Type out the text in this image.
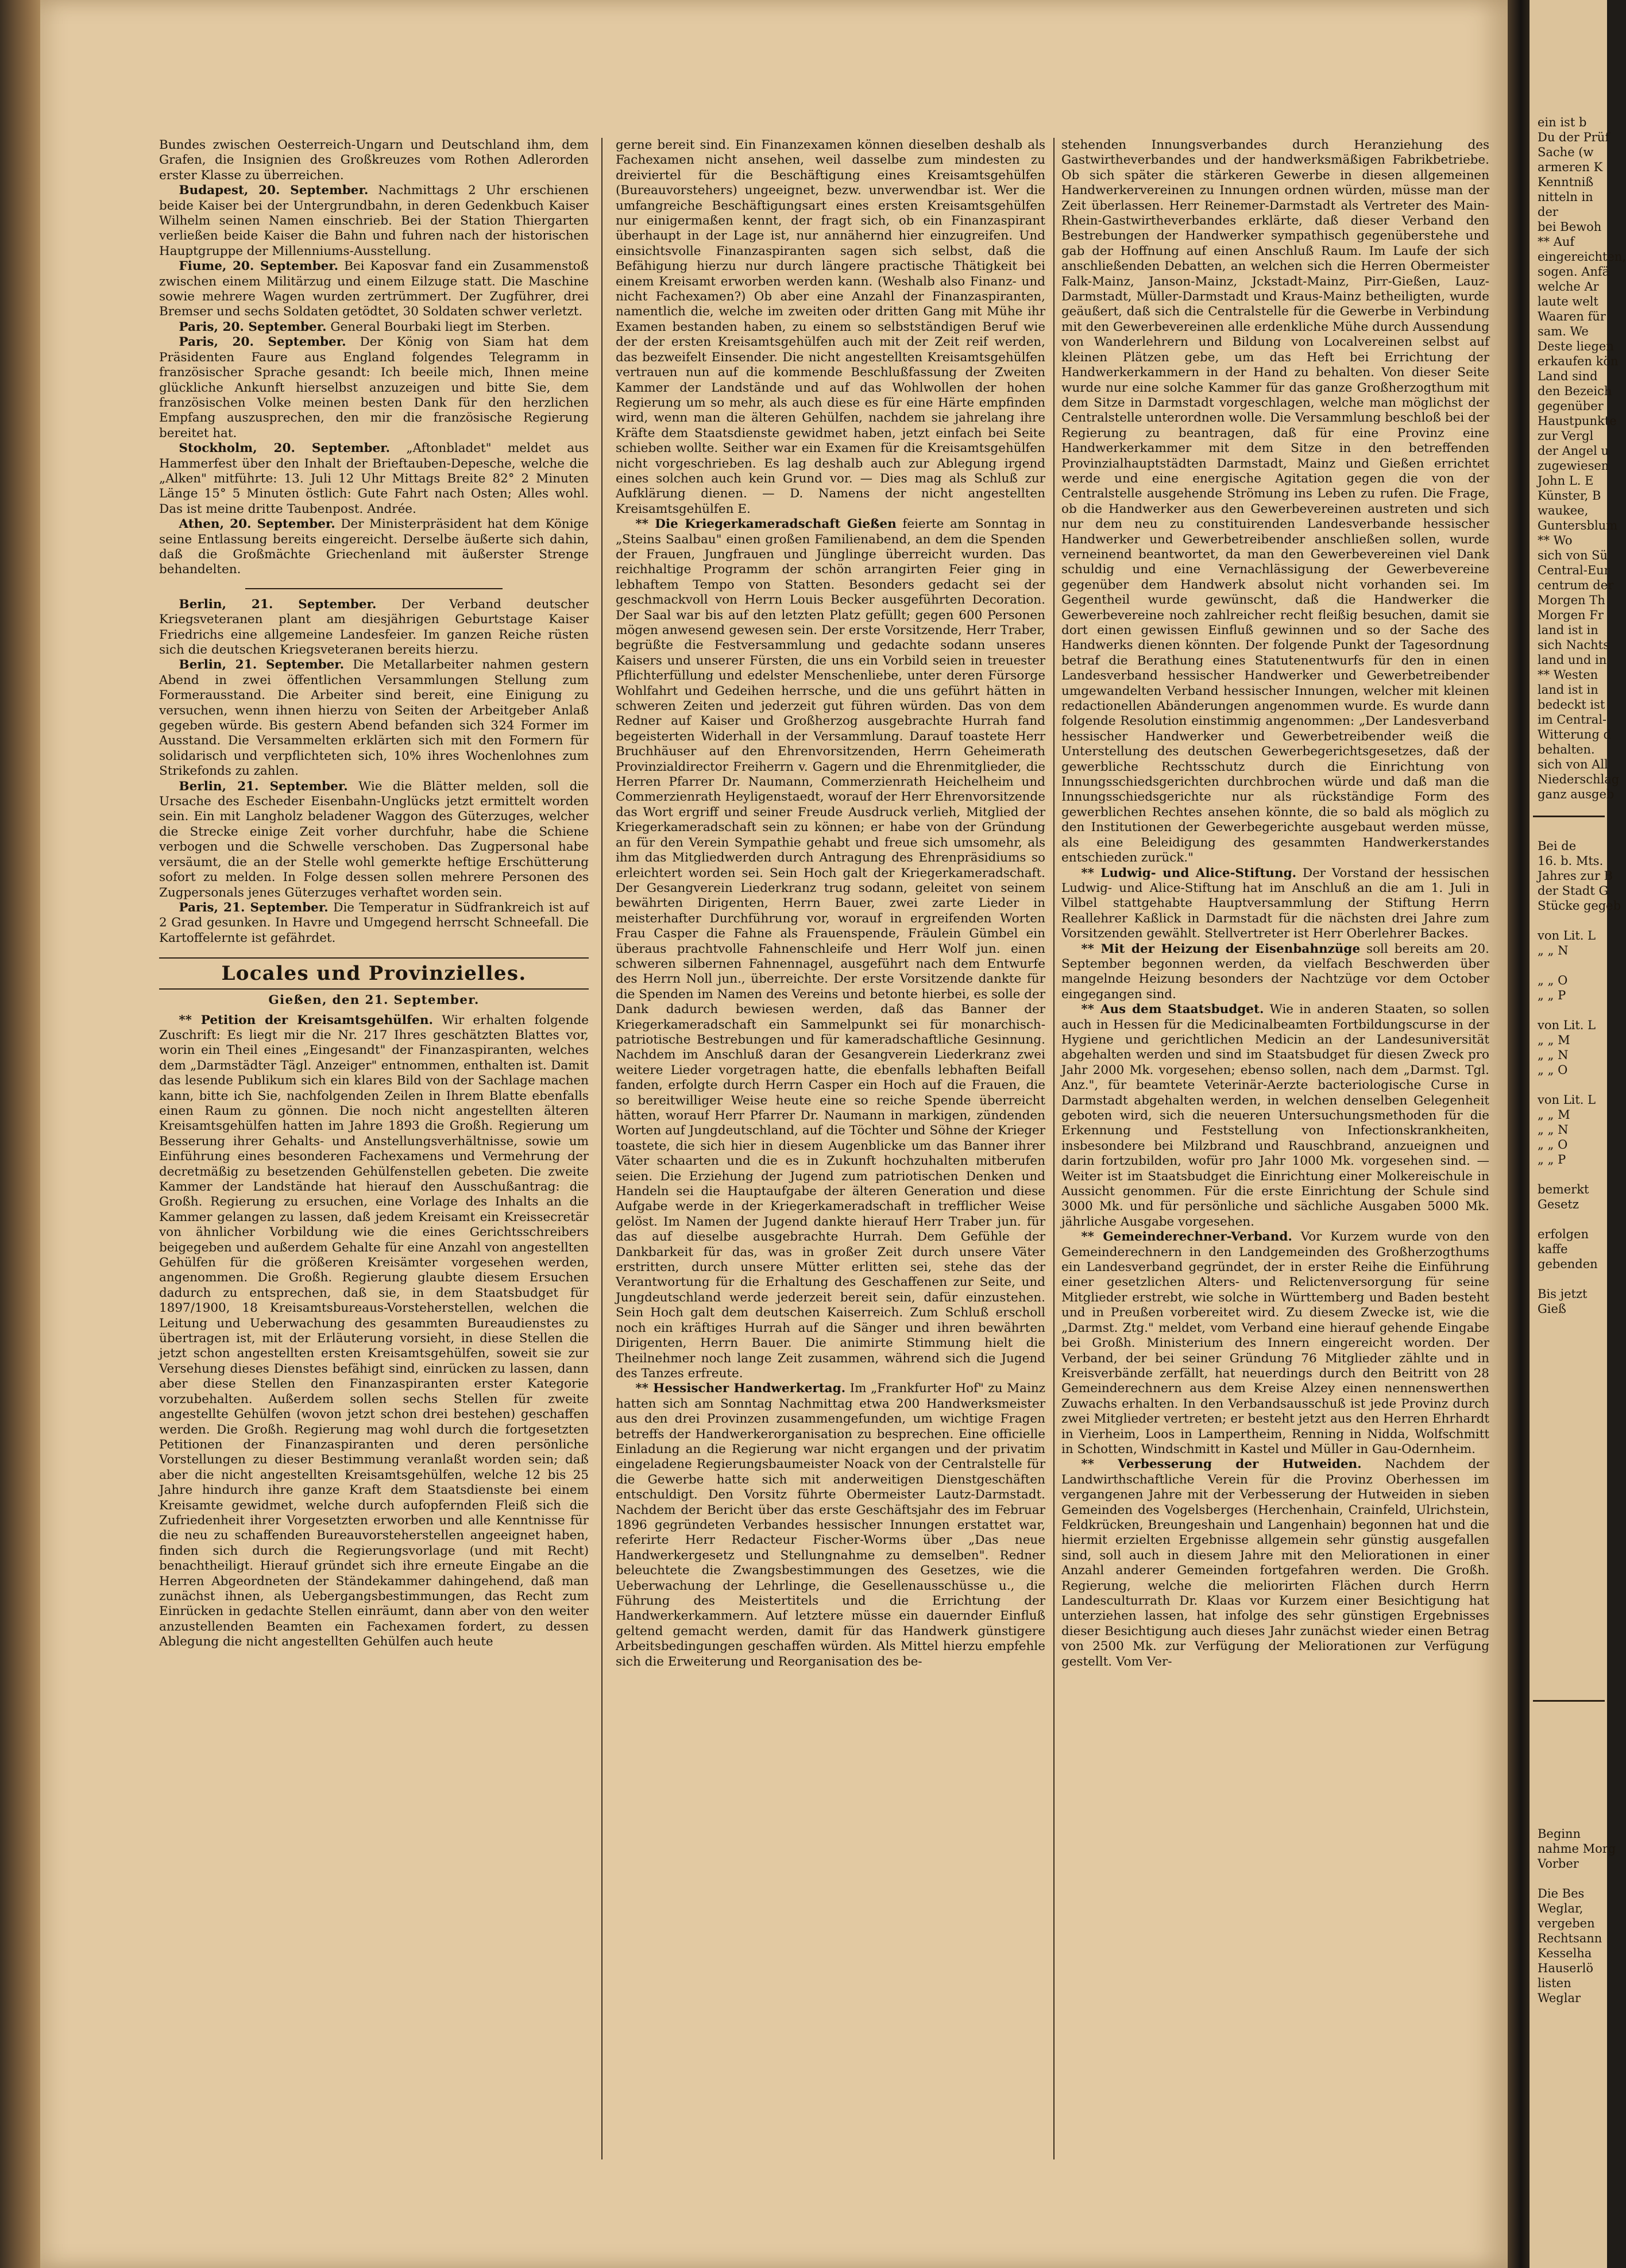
Bundes zwischen Oesterreich-Ungarn und Deutschland ihm, dem Grafen, die Insignien des Großkreuzes vom Rothen Adlerorden erster Klasse zu überreichen.

Budapest, 20. September. Nachmittags 2 Uhr erschienen beide Kaiser bei der Untergrundbahn, in deren Gedenkbuch Kaiser Wilhelm seinen Namen einschrieb. Bei der Station Thiergarten verließen beide Kaiser die Bahn und fuhren nach der historischen Hauptgruppe der Millenniums-Ausstellung.

Fiume, 20. September. Bei Kaposvar fand ein Zusammenstoß zwischen einem Militärzug und einem Eilzuge statt. Die Maschine sowie mehrere Wagen wurden zertrümmert. Der Zugführer, drei Bremser und sechs Soldaten getödtet, 30 Soldaten schwer verletzt.

Paris, 20. September. General Bourbaki liegt im Sterben.

Paris, 20. September. Der König von Siam hat dem Präsidenten Faure aus England folgendes Telegramm in französischer Sprache gesandt: Ich beeile mich, Ihnen meine glückliche Ankunft hierselbst anzuzeigen und bitte Sie, dem französischen Volke meinen besten Dank für den herzlichen Empfang auszusprechen, den mir die französische Regierung bereitet hat.

Stockholm, 20. September. „Aftonbladet" meldet aus Hammerfest über den Inhalt der Brieftauben-Depesche, welche die „Alken" mitführte: 13. Juli 12 Uhr Mittags Breite 82° 2 Minuten Länge 15° 5 Minuten östlich: Gute Fahrt nach Osten; Alles wohl. Das ist meine dritte Taubenpost. Andrée.

Athen, 20. September. Der Ministerpräsident hat dem Könige seine Entlassung bereits eingereicht. Derselbe äußerte sich dahin, daß die Großmächte Griechenland mit äußerster Strenge behandelten.

Berlin, 21. September. Der Verband deutscher Kriegsveteranen plant am diesjährigen Geburtstage Kaiser Friedrichs eine allgemeine Landesfeier. Im ganzen Reiche rüsten sich die deutschen Kriegsveteranen bereits hierzu.

Berlin, 21. September. Die Metallarbeiter nahmen gestern Abend in zwei öffentlichen Versammlungen Stellung zum Formerausstand. Die Arbeiter sind bereit, eine Einigung zu versuchen, wenn ihnen hierzu von Seiten der Arbeitgeber Anlaß gegeben würde. Bis gestern Abend befanden sich 324 Former im Ausstand. Die Versammelten erklärten sich mit den Formern für solidarisch und verpflichteten sich, 10% ihres Wochenlohnes zum Strikefonds zu zahlen.

Berlin, 21. September. Wie die Blätter melden, soll die Ursache des Escheder Eisenbahn-Unglücks jetzt ermittelt worden sein. Ein mit Langholz beladener Waggon des Güterzuges, welcher die Strecke einige Zeit vorher durchfuhr, habe die Schiene verbogen und die Schwelle verschoben. Das Zugpersonal habe versäumt, die an der Stelle wohl gemerkte heftige Erschütterung sofort zu melden. In Folge dessen sollen mehrere Personen des Zugpersonals jenes Güterzuges verhaftet worden sein.

Paris, 21. September. Die Temperatur in Südfrankreich ist auf 2 Grad gesunken. In Havre und Umgegend herrscht Schneefall. Die Kartoffelernte ist gefährdet.

Locales und Provinzielles.
Gießen, den 21. September.

** Petition der Kreisamtsgehülfen. Wir erhalten folgende Zuschrift: Es liegt mir die Nr. 217 Ihres geschätzten Blattes vor, worin ein Theil eines „Eingesandt" der Finanzaspiranten, welches dem „Darmstädter Tägl. Anzeiger" entnommen, enthalten ist. Damit das lesende Publikum sich ein klares Bild von der Sachlage machen kann, bitte ich Sie, nachfolgenden Zeilen in Ihrem Blatte ebenfalls einen Raum zu gönnen. Die noch nicht angestellten älteren Kreisamtsgehülfen hatten im Jahre 1893 die Großh. Regierung um Besserung ihrer Gehalts- und Anstellungsverhältnisse, sowie um Einführung eines besonderen Fachexamens und Vermehrung der decretmäßig zu besetzenden Gehülfenstellen gebeten. Die zweite Kammer der Landstände hat hierauf den Ausschußantrag: die Großh. Regierung zu ersuchen, eine Vorlage des Inhalts an die Kammer gelangen zu lassen, daß jedem Kreisamt ein Kreissecretär von ähnlicher Vorbildung wie die eines Gerichtsschreibers beigegeben und außerdem Gehalte für eine Anzahl von angestellten Gehülfen für die größeren Kreisämter vorgesehen werden, angenommen. Die Großh. Regierung glaubte diesem Ersuchen dadurch zu entsprechen, daß sie, in dem Staatsbudget für 1897/1900, 18 Kreisamtsbureaus-Vorsteherstellen, welchen die Leitung und Ueberwachung des gesammten Bureaudienstes zu übertragen ist, mit der Erläuterung vorsieht, in diese Stellen die jetzt schon angestellten ersten Kreisamtsgehülfen, soweit sie zur Versehung dieses Dienstes befähigt sind, einrücken zu lassen, dann aber diese Stellen den Finanzaspiranten erster Kategorie vorzubehalten. Außerdem sollen sechs Stellen für zweite angestellte Gehülfen (wovon jetzt schon drei bestehen) geschaffen werden. Die Großh. Regierung mag wohl durch die fortgesetzten Petitionen der Finanzaspiranten und deren persönliche Vorstellungen zu dieser Bestimmung veranlaßt worden sein; daß aber die nicht angestellten Kreisamtsgehülfen, welche 12 bis 25 Jahre hindurch ihre ganze Kraft dem Staatsdienste bei einem Kreisamte gewidmet, welche durch aufopfernden Fleiß sich die Zufriedenheit ihrer Vorgesetzten erworben und alle Kenntnisse für die neu zu schaffenden Bureauvorsteherstellen angeeignet haben, finden sich durch die Regierungsvorlage (und mit Recht) benachtheiligt. Hierauf gründet sich ihre erneute Eingabe an die Herren Abgeordneten der Ständekammer dahingehend, daß man zunächst ihnen, als Uebergangsbestimmungen, das Recht zum Einrücken in gedachte Stellen einräumt, dann aber von den weiter anzustellenden Beamten ein Fachexamen fordert, zu dessen Ablegung die nicht angestellten Gehülfen auch heute

gerne bereit sind. Ein Finanzexamen können dieselben deshalb als Fachexamen nicht ansehen, weil dasselbe zum mindesten zu dreiviertel für die Beschäftigung eines Kreisamtsgehülfen (Bureauvorstehers) ungeeignet, bezw. unverwendbar ist. Wer die umfangreiche Beschäftigungsart eines ersten Kreisamtsgehülfen nur einigermaßen kennt, der fragt sich, ob ein Finanzaspirant überhaupt in der Lage ist, nur annähernd hier einzugreifen. Und einsichtsvolle Finanzaspiranten sagen sich selbst, daß die Befähigung hierzu nur durch längere practische Thätigkeit bei einem Kreisamt erworben werden kann. (Weshalb also Finanz- und nicht Fachexamen?) Ob aber eine Anzahl der Finanzaspiranten, namentlich die, welche im zweiten oder dritten Gang mit Mühe ihr Examen bestanden haben, zu einem so selbstständigen Beruf wie der der ersten Kreisamtsgehülfen auch mit der Zeit reif werden, das bezweifelt Einsender. Die nicht angestellten Kreisamtsgehülfen vertrauen nun auf die kommende Beschlußfassung der Zweiten Kammer der Landstände und auf das Wohlwollen der hohen Regierung um so mehr, als auch diese es für eine Härte empfinden wird, wenn man die älteren Gehülfen, nachdem sie jahrelang ihre Kräfte dem Staatsdienste gewidmet haben, jetzt einfach bei Seite schieben wollte. Seither war ein Examen für die Kreisamtsgehülfen nicht vorgeschrieben. Es lag deshalb auch zur Ablegung irgend eines solchen auch kein Grund vor. — Dies mag als Schluß zur Aufklärung dienen. — D. Namens der nicht angestellten Kreisamtsgehülfen E.

** Die Kriegerkameradschaft Gießen feierte am Sonntag in „Steins Saalbau" einen großen Familienabend, an dem die Spenden der Frauen, Jungfrauen und Jünglinge überreicht wurden. Das reichhaltige Programm der schön arrangirten Feier ging in lebhaftem Tempo von Statten. Besonders gedacht sei der geschmackvoll von Herrn Louis Becker ausgeführten Decoration. Der Saal war bis auf den letzten Platz gefüllt; gegen 600 Personen mögen anwesend gewesen sein. Der erste Vorsitzende, Herr Traber, begrüßte die Festversammlung und gedachte sodann unseres Kaisers und unserer Fürsten, die uns ein Vorbild seien in treuester Pflichterfüllung und edelster Menschenliebe, unter deren Fürsorge Wohlfahrt und Gedeihen herrsche, und die uns geführt hätten in schweren Zeiten und jederzeit gut führen würden. Das von dem Redner auf Kaiser und Großherzog ausgebrachte Hurrah fand begeisterten Widerhall in der Versammlung. Darauf toastete Herr Bruchhäuser auf den Ehrenvorsitzenden, Herrn Geheimerath Provinzialdirector Freiherrn v. Gagern und die Ehrenmitglieder, die Herren Pfarrer Dr. Naumann, Commerzienrath Heichelheim und Commerzienrath Heyligenstaedt, worauf der Herr Ehrenvorsitzende das Wort ergriff und seiner Freude Ausdruck verlieh, Mitglied der Kriegerkameradschaft sein zu können; er habe von der Gründung an für den Verein Sympathie gehabt und freue sich umsomehr, als ihm das Mitgliedwerden durch Antragung des Ehrenpräsidiums so erleichtert worden sei. Sein Hoch galt der Kriegerkameradschaft. Der Gesangverein Liederkranz trug sodann, geleitet von seinem bewährten Dirigenten, Herrn Bauer, zwei zarte Lieder in meisterhafter Durchführung vor, worauf in ergreifenden Worten Frau Casper die Fahne als Frauenspende, Fräulein Gümbel ein überaus prachtvolle Fahnenschleife und Herr Wolf jun. einen schweren silbernen Fahnennagel, ausgeführt nach dem Entwurfe des Herrn Noll jun., überreichte. Der erste Vorsitzende dankte für die Spenden im Namen des Vereins und betonte hierbei, es solle der Dank dadurch bewiesen werden, daß das Banner der Kriegerkameradschaft ein Sammelpunkt sei für monarchisch-patriotische Bestrebungen und für kameradschaftliche Gesinnung. Nachdem im Anschluß daran der Gesangverein Liederkranz zwei weitere Lieder vorgetragen hatte, die ebenfalls lebhaften Beifall fanden, erfolgte durch Herrn Casper ein Hoch auf die Frauen, die so bereitwilliger Weise heute eine so reiche Spende überreicht hätten, worauf Herr Pfarrer Dr. Naumann in markigen, zündenden Worten auf Jungdeutschland, auf die Töchter und Söhne der Krieger toastete, die sich hier in diesem Augenblicke um das Banner ihrer Väter schaarten und die es in Zukunft hochzuhalten mitberufen seien. Die Erziehung der Jugend zum patriotischen Denken und Handeln sei die Hauptaufgabe der älteren Generation und diese Aufgabe werde in der Kriegerkameradschaft in trefflicher Weise gelöst. Im Namen der Jugend dankte hierauf Herr Traber jun. für das auf dieselbe ausgebrachte Hurrah. Dem Gefühle der Dankbarkeit für das, was in großer Zeit durch unsere Väter erstritten, durch unsere Mütter erlitten sei, stehe das der Verantwortung für die Erhaltung des Geschaffenen zur Seite, und Jungdeutschland werde jederzeit bereit sein, dafür einzustehen. Sein Hoch galt dem deutschen Kaiserreich. Zum Schluß erscholl noch ein kräftiges Hurrah auf die Sänger und ihren bewährten Dirigenten, Herrn Bauer. Die animirte Stimmung hielt die Theilnehmer noch lange Zeit zusammen, während sich die Jugend des Tanzes erfreute.

** Hessischer Handwerkertag. Im „Frankfurter Hof" zu Mainz hatten sich am Sonntag Nachmittag etwa 200 Handwerksmeister aus den drei Provinzen zusammengefunden, um wichtige Fragen betreffs der Handwerkerorganisation zu besprechen. Eine officielle Einladung an die Regierung war nicht ergangen und der privatim eingeladene Regierungsbaumeister Noack von der Centralstelle für die Gewerbe hatte sich mit anderweitigen Dienstgeschäften entschuldigt. Den Vorsitz führte Obermeister Lautz-Darmstadt. Nachdem der Bericht über das erste Geschäftsjahr des im Februar 1896 gegründeten Verbandes hessischer Innungen erstattet war, referirte Herr Redacteur Fischer-Worms über „Das neue Handwerkergesetz und Stellungnahme zu demselben". Redner beleuchtete die Zwangsbestimmungen des Gesetzes, wie die Ueberwachung der Lehrlinge, die Gesellenausschüsse u., die Führung des Meistertitels und die Errichtung der Handwerkerkammern. Auf letztere müsse ein dauernder Einfluß geltend gemacht werden, damit für das Handwerk günstigere Arbeitsbedingungen geschaffen würden. Als Mittel hierzu empfehle sich die Erweiterung und Reorganisation des be-

stehenden Innungsverbandes durch Heranziehung des Gastwirtheverbandes und der handwerksmäßigen Fabrikbetriebe. Ob sich später die stärkeren Gewerbe in diesen allgemeinen Handwerkervereinen zu Innungen ordnen würden, müsse man der Zeit überlassen. Herr Reinemer-Darmstadt als Vertreter des Main-Rhein-Gastwirtheverbandes erklärte, daß dieser Verband den Bestrebungen der Handwerker sympathisch gegenüberstehe und gab der Hoffnung auf einen Anschluß Raum. Im Laufe der sich anschließenden Debatten, an welchen sich die Herren Obermeister Falk-Mainz, Janson-Mainz, Jckstadt-Mainz, Pirr-Gießen, Lauz-Darmstadt, Müller-Darmstadt und Kraus-Mainz betheiligten, wurde geäußert, daß sich die Centralstelle für die Gewerbe in Verbindung mit den Gewerbevereinen alle erdenkliche Mühe durch Aussendung von Wanderlehrern und Bildung von Localvereinen selbst auf kleinen Plätzen gebe, um das Heft bei Errichtung der Handwerkerkammern in der Hand zu behalten. Von dieser Seite wurde nur eine solche Kammer für das ganze Großherzogthum mit dem Sitze in Darmstadt vorgeschlagen, welche man möglichst der Centralstelle unterordnen wolle. Die Versammlung beschloß bei der Regierung zu beantragen, daß für eine Provinz eine Handwerkerkammer mit dem Sitze in den betreffenden Provinzialhauptstädten Darmstadt, Mainz und Gießen errichtet werde und eine energische Agitation gegen die von der Centralstelle ausgehende Strömung ins Leben zu rufen. Die Frage, ob die Handwerker aus den Gewerbevereinen austreten und sich nur dem neu zu constituirenden Landesverbande hessischer Handwerker und Gewerbetreibender anschließen sollen, wurde verneinend beantwortet, da man den Gewerbevereinen viel Dank schuldig und eine Vernachlässigung der Gewerbevereine gegenüber dem Handwerk absolut nicht vorhanden sei. Im Gegentheil wurde gewünscht, daß die Handwerker die Gewerbevereine noch zahlreicher recht fleißig besuchen, damit sie dort einen gewissen Einfluß gewinnen und so der Sache des Handwerks dienen könnten. Der folgende Punkt der Tagesordnung betraf die Berathung eines Statutenentwurfs für den in einen Landesverband hessischer Handwerker und Gewerbetreibender umgewandelten Verband hessischer Innungen, welcher mit kleinen redactionellen Abänderungen angenommen wurde. Es wurde dann folgende Resolution einstimmig angenommen: „Der Landesverband hessischer Handwerker und Gewerbetreibender weiß die Unterstellung des deutschen Gewerbegerichtsgesetzes, daß der gewerbliche Rechtsschutz durch die Einrichtung von Innungsschiedsgerichten durchbrochen würde und daß man die Innungsschiedsgerichte nur als rückständige Form des gewerblichen Rechtes ansehen könnte, die so bald als möglich zu den Institutionen der Gewerbegerichte ausgebaut werden müsse, als eine Beleidigung des gesammten Handwerkerstandes entschieden zurück."

** Ludwig- und Alice-Stiftung. Der Vorstand der hessischen Ludwig- und Alice-Stiftung hat im Anschluß an die am 1. Juli in Vilbel stattgehabte Hauptversammlung der Stiftung Herrn Reallehrer Kaßlick in Darmstadt für die nächsten drei Jahre zum Vorsitzenden gewählt. Stellvertreter ist Herr Oberlehrer Backes.

** Mit der Heizung der Eisenbahnzüge soll bereits am 20. September begonnen werden, da vielfach Beschwerden über mangelnde Heizung besonders der Nachtzüge vor dem October eingegangen sind.

** Aus dem Staatsbudget. Wie in anderen Staaten, so sollen auch in Hessen für die Medicinalbeamten Fortbildungscurse in der Hygiene und gerichtlichen Medicin an der Landesuniversität abgehalten werden und sind im Staatsbudget für diesen Zweck pro Jahr 2000 Mk. vorgesehen; ebenso sollen, nach dem „Darmst. Tgl. Anz.", für beamtete Veterinär-Aerzte bacteriologische Curse in Darmstadt abgehalten werden, in welchen denselben Gelegenheit geboten wird, sich die neueren Untersuchungsmethoden für die Erkennung und Feststellung von Infectionskrankheiten, insbesondere bei Milzbrand und Rauschbrand, anzueignen und darin fortzubilden, wofür pro Jahr 1000 Mk. vorgesehen sind. — Weiter ist im Staatsbudget die Einrichtung einer Molkereischule in Aussicht genommen. Für die erste Einrichtung der Schule sind 3000 Mk. und für persönliche und sächliche Ausgaben 5000 Mk. jährliche Ausgabe vorgesehen.

** Gemeinderechner-Verband. Vor Kurzem wurde von den Gemeinderechnern in den Landgemeinden des Großherzogthums ein Landesverband gegründet, der in erster Reihe die Einführung einer gesetzlichen Alters- und Relictenversorgung für seine Mitglieder erstrebt, wie solche in Württemberg und Baden besteht und in Preußen vorbereitet wird. Zu diesem Zwecke ist, wie die „Darmst. Ztg." meldet, vom Verband eine hierauf gehende Eingabe bei Großh. Ministerium des Innern eingereicht worden. Der Verband, der bei seiner Gründung 76 Mitglieder zählte und in Kreisverbände zerfällt, hat neuerdings durch den Beitritt von 28 Gemeinderechnern aus dem Kreise Alzey einen nennenswerthen Zuwachs erhalten. In den Verbandsausschuß ist jede Provinz durch zwei Mitglieder vertreten; er besteht jetzt aus den Herren Ehrhardt in Vierheim, Loos in Lampertheim, Renning in Nidda, Wolfschmitt in Schotten, Windschmitt in Kastel und Müller in Gau-Odernheim.

** Verbesserung der Hutweiden. Nachdem der Landwirthschaftliche Verein für die Provinz Oberhessen im vergangenen Jahre mit der Verbesserung der Hutweiden in sieben Gemeinden des Vogelsberges (Herchenhain, Crainfeld, Ulrichstein, Feldkrücken, Breungeshain und Langenhain) begonnen hat und die hiermit erzielten Ergebnisse allgemein sehr günstig ausgefallen sind, soll auch in diesem Jahre mit den Meliorationen in einer Anzahl anderer Gemeinden fortgefahren werden. Die Großh. Regierung, welche die meliorirten Flächen durch Herrn Landesculturrath Dr. Klaas vor Kurzem einer Besichtigung hat unterziehen lassen, hat infolge des sehr günstigen Ergebnisses dieser Besichtigung auch dieses Jahr zunächst wieder einen Betrag von 2500 Mk. zur Verfügung der Meliorationen zur Verfügung gestellt. Vom Ver-

ein ist b
Du der Prüf
Sache (w
armeren K
Kenntniß
nitteln in
der
bei Bewoh
** Auf
eingereichten,
sogen. Anfä
welche Ar
laute welt
Waaren für
sam. We
Deste liegen
erkaufen kön
Land sind
den Bezeich
gegenüber
Haustpunkte
zur Vergl
der Angel u
zugewiesen
John L. E
Künster, B
waukee,
Guntersblum
** Wo
sich von Sü
Central-Eur
centrum der
Morgen Th
Morgen Fr
land ist in
sich Nachts
land und in
** Westen
land ist in
bedeckt ist
im Central-
Witterung d
behalten.
sich von All
Niederschlag
ganz ausgeb
Bei de
16. b. Mts.
Jahres zur B
der Stadt G
Stücke gegeb

von Lit. L
„ „ N

„ „ O
„ „ P

von Lit. L
„ „ M
„ „ N
„ „ O

von Lit. L
„ „ M
„ „ N
„ „ O
„ „ P

bemerkt
Gesetz

erfolgen
kaffe
gebenden

Bis jetzt
Gieß
Beginn
nahme Morg
Vorber

Die Bes
Weglar,
vergeben
Rechtsann
Kesselha
Hauserlö
listen
Weglar
